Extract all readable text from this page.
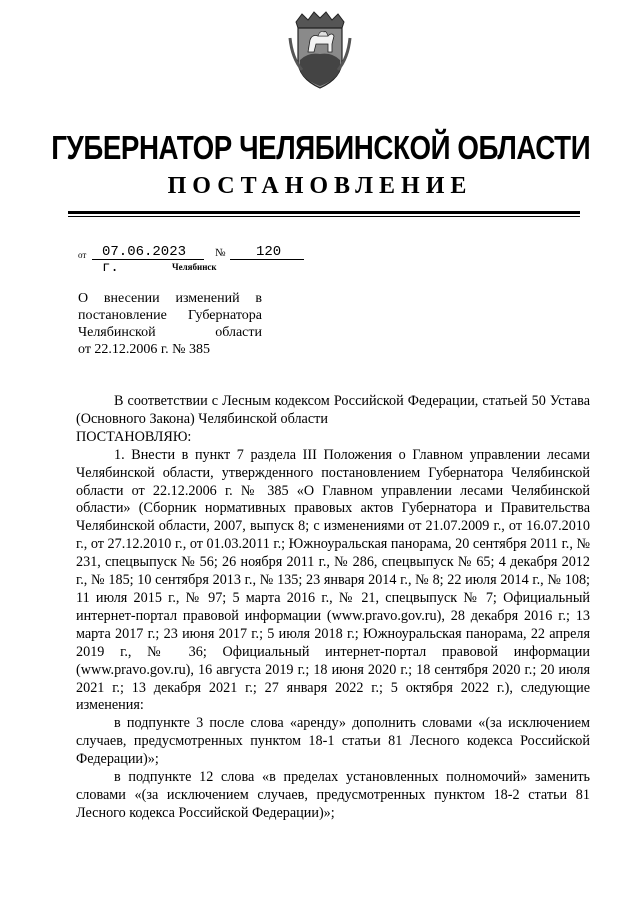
ГУБЕРНАТОР ЧЕЛЯБИНСКОЙ ОБЛАСТИ
ПОСТАНОВЛЕНИЕ
от 07.06.2023 г.
№ 120
Челябинск
О внесении изменений в
постановление Губернатора
Челябинской области
от 22.12.2006 г. № 385

В соответствии с Лесным кодексом Российской Федерации, статьей 50 Устава (Основного Закона) Челябинской области

ПОСТАНОВЛЯЮ:

1. Внести в пункт 7 раздела III Положения о Главном управлении лесами Челябинской области, утвержденного постановлением Губернатора Челябинской области от 22.12.2006 г. № 385 «О Главном управлении лесами Челябинской области» (Сборник нормативных правовых актов Губернатора и Правительства Челябинской области, 2007, выпуск 8; с изменениями от 21.07.2009 г., от 16.07.2010 г., от 27.12.2010 г., от 01.03.2011 г.; Южноуральская панорама, 20 сентября 2011 г., № 231, спецвыпуск № 56; 26 ноября 2011 г., № 286, спецвыпуск № 65; 4 декабря 2012 г., № 185; 10 сентября 2013 г., № 135; 23 января 2014 г., № 8; 22 июля 2014 г., № 108; 11 июля 2015 г., № 97; 5 марта 2016 г., № 21, спецвыпуск № 7; Официальный интернет-портал правовой информации (www.pravo.gov.ru), 28 декабря 2016 г.; 13 марта 2017 г.; 23 июня 2017 г.; 5 июля 2018 г.; Южноуральская панорама, 22 апреля 2019 г., № 36; Официальный интернет-портал правовой информации (www.pravo.gov.ru), 16 августа 2019 г.; 18 июня 2020 г.; 18 сентября 2020 г.; 20 июля 2021 г.; 13 декабря 2021 г.; 27 января 2022 г.; 5 октября 2022 г.), следующие изменения:

в подпункте 3 после слова «аренду» дополнить словами «(за исключением случаев, предусмотренных пунктом 18-1 статьи 81 Лесного кодекса Российской Федерации)»;

в подпункте 12 слова «в пределах установленных полномочий» заменить словами «(за исключением случаев, предусмотренных пунктом 18-2 статьи 81 Лесного кодекса Российской Федерации)»;
